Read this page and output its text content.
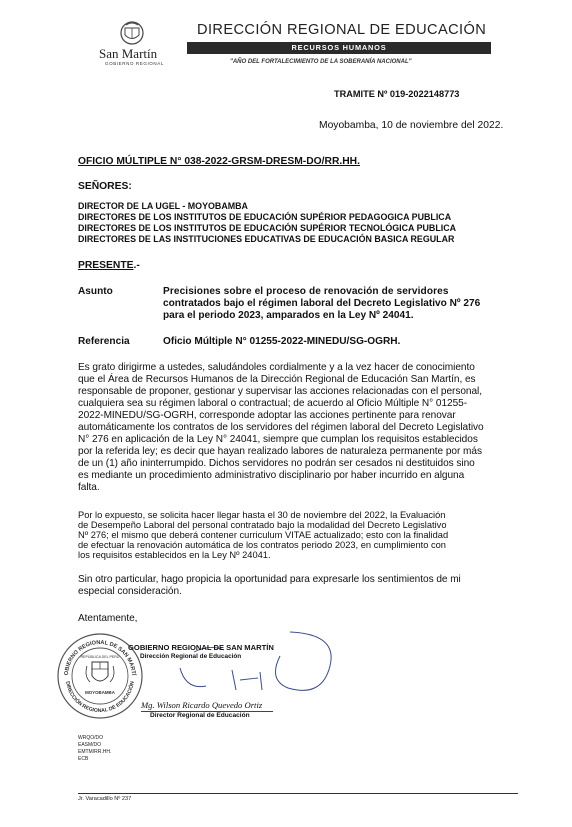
San Martín
GOBIERNO REGIONAL
DIRECCIÓN REGIONAL DE EDUCACIÓN
RECURSOS HUMANOS
"AÑO DEL FORTALECIMIENTO DE LA SOBERANÍA NACIONAL"
TRAMITE Nº 019-2022148773
Moyobamba, 10 de noviembre del 2022.
OFICIO MÚLTIPLE N° 038-2022-GRSM-DRESM-DO/RR.HH.
SEÑORES:
DIRECTOR DE LA UGEL - MOYOBAMBA
DIRECTORES DE LOS INSTITUTOS DE EDUCACIÓN SUPÉRIOR PEDAGOGICA PUBLICA
DIRECTORES DE LOS INSTITUTOS DE EDUCACIÓN SUPÉRIOR TECNOLÓGICA PUBLICA
DIRECTORES DE LAS INSTITUCIONES EDUCATIVAS DE EDUCACIÓN BASICA REGULAR
PRESENTE.-
Asunto	Precisiones sobre el proceso de renovación de servidores
contratados bajo el régimen laboral del Decreto Legislativo Nº 276
para el periodo 2023, amparados en la Ley Nº 24041.
Referencia	Oficio Múltiple N° 01255-2022-MINEDU/SG-OGRH.
Es grato dirigirme a ustedes, saludándoles cordialmente y a la vez hacer de conocimiento
que el Área de Recursos Humanos de la Dirección Regional de Educación San Martín, es
responsable de proponer, gestionar y supervisar las acciones relacionadas con el personal,
cualquiera sea su régimen laboral o contractual; de acuerdo al Oficio Múltiple N° 01255-
2022-MINEDU/SG-OGRH, corresponde adoptar las acciones pertinente para renovar
automáticamente los contratos de los servidores del régimen laboral del Decreto Legislativo
N° 276 en aplicación de la Ley N° 24041, siempre que cumplan los requisitos establecidos
por la referida ley; es decir que hayan realizado labores de naturaleza permanente por más
de un (1) año ininterrumpido. Dichos servidores no podrán ser cesados ni destituidos sino
es mediante un procedimiento administrativo disciplinario por haber incurrido en alguna
falta.
Por lo expuesto, se solicita hacer llegar hasta el 30 de noviembre del 2022, la Evaluación
de Desempeño Laboral del personal contratado bajo la modalidad del Decreto Legislativo
Nº 276; el mismo que deberá contener curriculum VITAE actualizado; esto con la finalidad
de efectuar la renovación automática de los contratos periodo 2023, en cumplimiento con
los requisitos establecidos en la Ley Nº 24041.
Sin otro particular, hago propicia la oportunidad para expresarle los sentimientos de mi
especial consideración.
Atentamente,
OBIERNO REGIONAL DE SAN MARTÍ
DIRECCIÓN REGIONAL DE EDUCACIÓN
REPÚBLICA DEL PERÚ
MOYOBAMBA
GOBIERNO REGIONAL DE SAN MARTÍN
Dirección Regional de Educación
Mg. Wilson Ricardo Quevedo Ortiz
Director Regional de Educación
WRQO/DO
EASM/DO
EMTM/RR.HH.
ECB
Jr. Varacadillo Nº 237
